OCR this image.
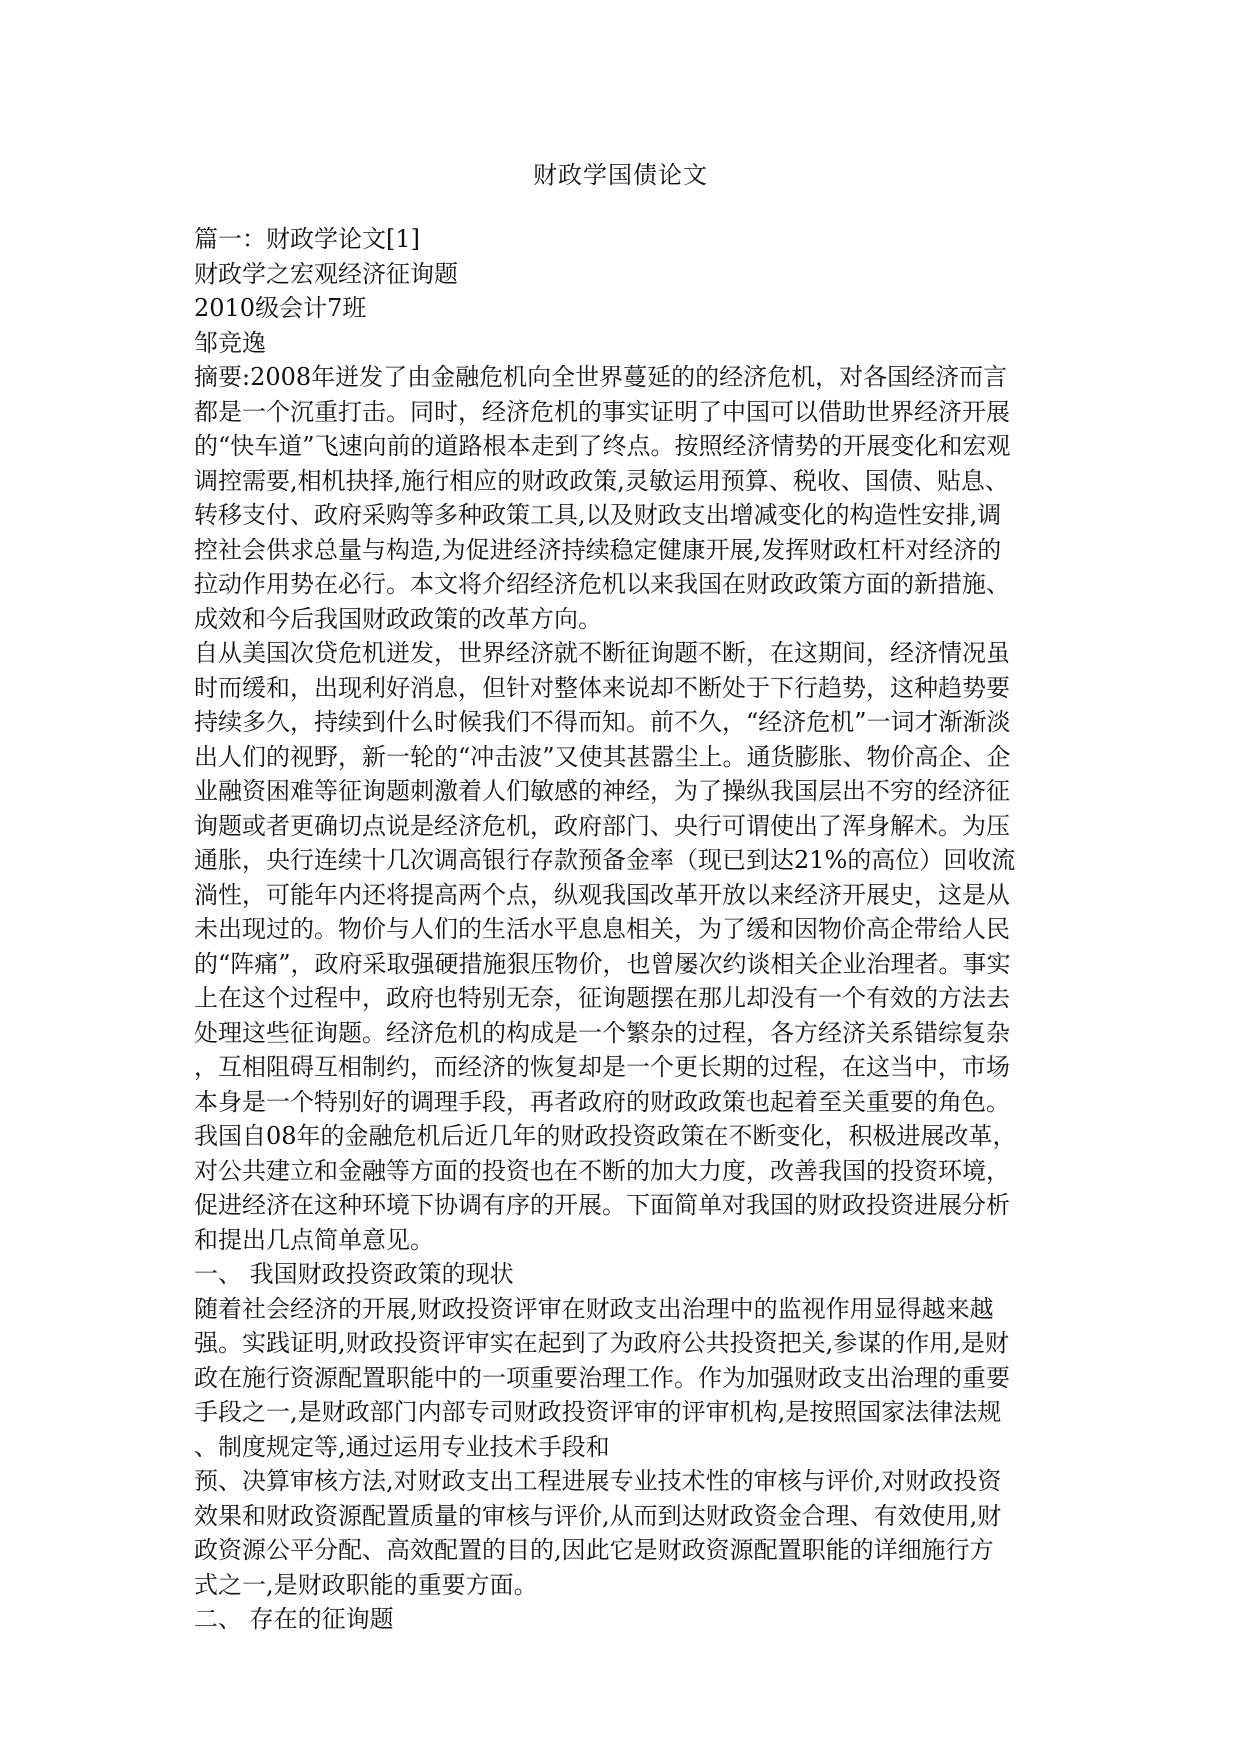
财政学国债论文
篇一：财政学论文[1]
财政学之宏观经济征询题
2010级会计7班
邹竞逸
摘要:2008年迸发了由金融危机向全世界蔓延的的经济危机，对各国经济而言
都是一个沉重打击。同时，经济危机的事实证明了中国可以借助世界经济开展
的“快车道”飞速向前的道路根本走到了终点。按照经济情势的开展变化和宏观
调控需要,相机抉择,施行相应的财政政策,灵敏运用预算、税收、国债、贴息、
转移支付、政府采购等多种政策工具,以及财政支出增减变化的构造性安排,调
控社会供求总量与构造,为促进经济持续稳定健康开展,发挥财政杠杆对经济的
拉动作用势在必行。本文将介绍经济危机以来我国在财政政策方面的新措施、
成效和今后我国财政政策的改革方向。
自从美国次贷危机迸发，世界经济就不断征询题不断，在这期间，经济情况虽
时而缓和，出现利好消息，但针对整体来说却不断处于下行趋势，这种趋势要
持续多久，持续到什么时候我们不得而知。前不久，“经济危机”一词才渐渐淡
出人们的视野，新一轮的“冲击波”又使其甚嚣尘上。通货膨胀、物价高企、企
业融资困难等征询题刺激着人们敏感的神经，为了操纵我国层出不穷的经济征
询题或者更确切点说是经济危机，政府部门、央行可谓使出了浑身解术。为压
通胀，央行连续十几次调高银行存款预备金率（现已到达21%的高位）回收流
淌性，可能年内还将提高两个点，纵观我国改革开放以来经济开展史，这是从
未出现过的。物价与人们的生活水平息息相关，为了缓和因物价高企带给人民
的“阵痛”，政府采取强硬措施狠压物价，也曾屡次约谈相关企业治理者。事实
上在这个过程中，政府也特别无奈，征询题摆在那儿却没有一个有效的方法去
处理这些征询题。经济危机的构成是一个繁杂的过程，各方经济关系错综复杂
，互相阻碍互相制约，而经济的恢复却是一个更长期的过程，在这当中，市场
本身是一个特别好的调理手段，再者政府的财政政策也起着至关重要的角色。
我国自08年的金融危机后近几年的财政投资政策在不断变化，积极进展改革，
对公共建立和金融等方面的投资也在不断的加大力度，改善我国的投资环境，
促进经济在这种环境下协调有序的开展。下面简单对我国的财政投资进展分析
和提出几点简单意见。
一、 我国财政投资政策的现状
随着社会经济的开展,财政投资评审在财政支出治理中的监视作用显得越来越
强。实践证明,财政投资评审实在起到了为政府公共投资把关,参谋的作用,是财
政在施行资源配置职能中的一项重要治理工作。作为加强财政支出治理的重要
手段之一,是财政部门内部专司财政投资评审的评审机构,是按照国家法律法规
、制度规定等,通过运用专业技术手段和
预、决算审核方法,对财政支出工程进展专业技术性的审核与评价,对财政投资
效果和财政资源配置质量的审核与评价,从而到达财政资金合理、有效使用,财
政资源公平分配、高效配置的目的,因此它是财政资源配置职能的详细施行方
式之一,是财政职能的重要方面。
二、 存在的征询题
